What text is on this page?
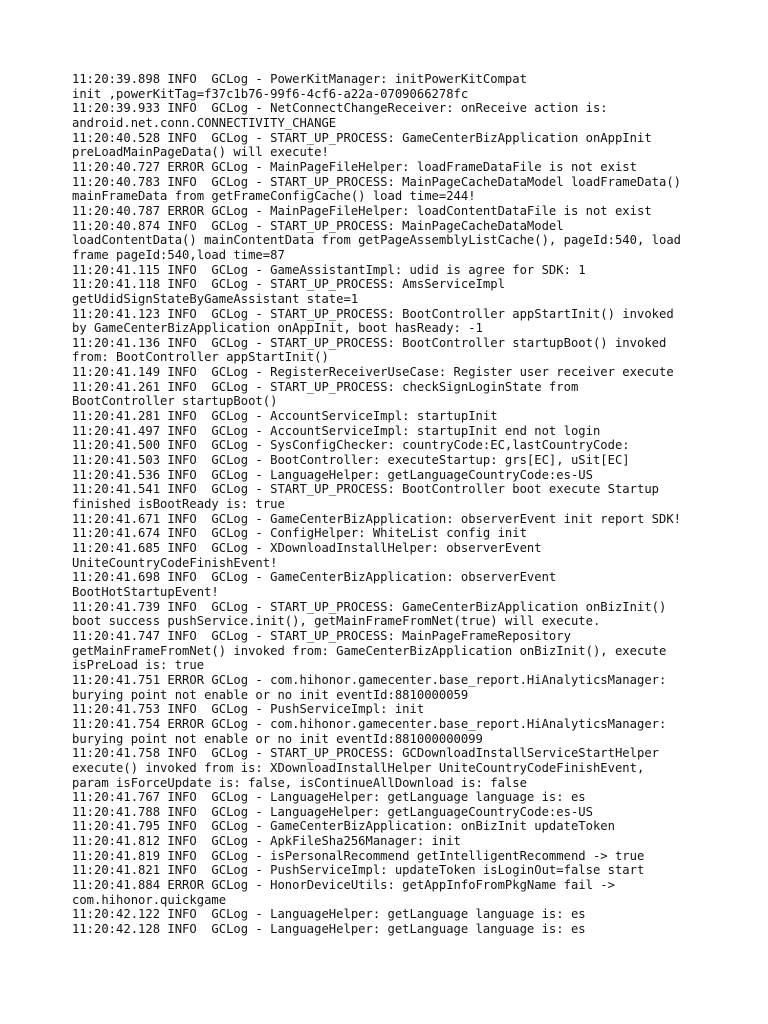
11:20:39.898 INFO  GCLog - PowerKitManager: initPowerKitCompat
init ,powerKitTag=f37c1b76-99f6-4cf6-a22a-0709066278fc
11:20:39.933 INFO  GCLog - NetConnectChangeReceiver: onReceive action is:
android.net.conn.CONNECTIVITY_CHANGE
11:20:40.528 INFO  GCLog - START_UP_PROCESS: GameCenterBizApplication onAppInit
preLoadMainPageData() will execute!
11:20:40.727 ERROR GCLog - MainPageFileHelper: loadFrameDataFile is not exist
11:20:40.783 INFO  GCLog - START_UP_PROCESS: MainPageCacheDataModel loadFrameData()
mainFrameData from getFrameConfigCache() load time=244!
11:20:40.787 ERROR GCLog - MainPageFileHelper: loadContentDataFile is not exist
11:20:40.874 INFO  GCLog - START_UP_PROCESS: MainPageCacheDataModel
loadContentData() mainContentData from getPageAssemblyListCache(), pageId:540, load
frame pageId:540,load time=87
11:20:41.115 INFO  GCLog - GameAssistantImpl: udid is agree for SDK: 1
11:20:41.118 INFO  GCLog - START_UP_PROCESS: AmsServiceImpl
getUdidSignStateByGameAssistant state=1
11:20:41.123 INFO  GCLog - START_UP_PROCESS: BootController appStartInit() invoked
by GameCenterBizApplication onAppInit, boot hasReady: -1
11:20:41.136 INFO  GCLog - START_UP_PROCESS: BootController startupBoot() invoked
from: BootController appStartInit()
11:20:41.149 INFO  GCLog - RegisterReceiverUseCase: Register user receiver execute
11:20:41.261 INFO  GCLog - START_UP_PROCESS: checkSignLoginState from
BootController startupBoot()
11:20:41.281 INFO  GCLog - AccountServiceImpl: startupInit
11:20:41.497 INFO  GCLog - AccountServiceImpl: startupInit end not login
11:20:41.500 INFO  GCLog - SysConfigChecker: countryCode:EC,lastCountryCode:
11:20:41.503 INFO  GCLog - BootController: executeStartup: grs[EC], uSit[EC]
11:20:41.536 INFO  GCLog - LanguageHelper: getLanguageCountryCode:es-US
11:20:41.541 INFO  GCLog - START_UP_PROCESS: BootController boot execute Startup
finished isBootReady is: true
11:20:41.671 INFO  GCLog - GameCenterBizApplication: observerEvent init report SDK!
11:20:41.674 INFO  GCLog - ConfigHelper: WhiteList config init
11:20:41.685 INFO  GCLog - XDownloadInstallHelper: observerEvent
UniteCountryCodeFinishEvent!
11:20:41.698 INFO  GCLog - GameCenterBizApplication: observerEvent
BootHotStartupEvent!
11:20:41.739 INFO  GCLog - START_UP_PROCESS: GameCenterBizApplication onBizInit()
boot success pushService.init(), getMainFrameFromNet(true) will execute.
11:20:41.747 INFO  GCLog - START_UP_PROCESS: MainPageFrameRepository
getMainFrameFromNet() invoked from: GameCenterBizApplication onBizInit(), execute
isPreLoad is: true
11:20:41.751 ERROR GCLog - com.hihonor.gamecenter.base_report.HiAnalyticsManager:
burying point not enable or no init eventId:8810000059
11:20:41.753 INFO  GCLog - PushServiceImpl: init
11:20:41.754 ERROR GCLog - com.hihonor.gamecenter.base_report.HiAnalyticsManager:
burying point not enable or no init eventId:881000000099
11:20:41.758 INFO  GCLog - START_UP_PROCESS: GCDownloadInstallServiceStartHelper
execute() invoked from is: XDownloadInstallHelper UniteCountryCodeFinishEvent,
param isForceUpdate is: false, isContinueAllDownload is: false
11:20:41.767 INFO  GCLog - LanguageHelper: getLanguage language is: es
11:20:41.788 INFO  GCLog - LanguageHelper: getLanguageCountryCode:es-US
11:20:41.795 INFO  GCLog - GameCenterBizApplication: onBizInit updateToken
11:20:41.812 INFO  GCLog - ApkFileSha256Manager: init
11:20:41.819 INFO  GCLog - isPersonalRecommend getIntelligentRecommend -> true
11:20:41.821 INFO  GCLog - PushServiceImpl: updateToken isLoginOut=false start
11:20:41.884 ERROR GCLog - HonorDeviceUtils: getAppInfoFromPkgName fail ->
com.hihonor.quickgame
11:20:42.122 INFO  GCLog - LanguageHelper: getLanguage language is: es
11:20:42.128 INFO  GCLog - LanguageHelper: getLanguage language is: es
